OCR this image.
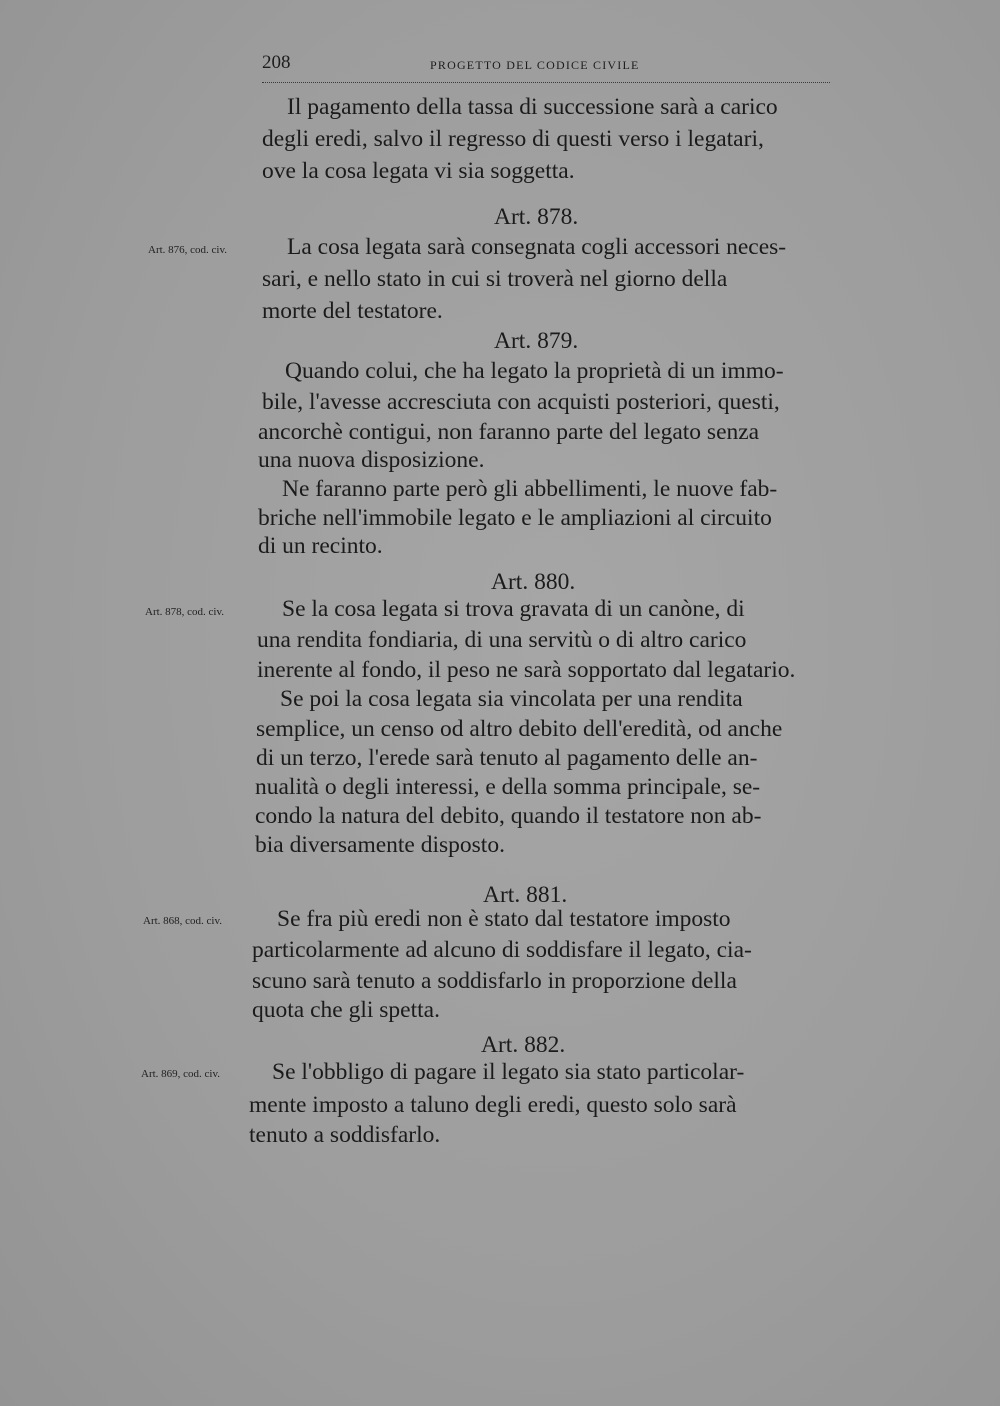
208	PROGETTO DEL CODICE CIVILE
Il pagamento della tassa di successione sarà a carico
degli eredi, salvo il regresso di questi verso i legatari,
ove la cosa legata vi sia soggetta.
Art. 878.
Art. 876, cod. civ.	La cosa legata sarà consegnata cogli accessori neces-
sari, e nello stato in cui si troverà nel giorno della
morte del testatore.
Art. 879.
Quando colui, che ha legato la proprietà di un immo-
bile, l'avesse accresciuta con acquisti posteriori, questi,
ancorchè contigui, non faranno parte del legato senza
una nuova disposizione.
Ne faranno parte però gli abbellimenti, le nuove fab-
briche nell'immobile legato e le ampliazioni al circuito
di un recinto.
Art. 880.
Art. 878, cod. civ. Se la cosa legata si trova gravata di un canòne, di
una rendita fondiaria, di una servitù o di altro carico
inerente al fondo, il peso ne sarà sopportato dal legatario.
Se poi la cosa legata sia vincolata per una rendita
semplice, un censo od altro debito dell'eredità, od anche
di un terzo, l'erede sarà tenuto al pagamento delle an-
nualità o degli interessi, e della somma principale, se-
condo la natura del debito, quando il testatore non ab-
bia diversamente disposto.
Art. 881.
Art. 868, cod. civ. Se fra più eredi non è stato dal testatore imposto
particolarmente ad alcuno di soddisfare il legato, cia-
scuno sarà tenuto a soddisfarlo in proporzione della
quota che gli spetta.
Art. 882.
Art. 869, cod. civ. Se l'obbligo di pagare il legato sia stato particolar-
mente imposto a taluno degli eredi, questo solo sarà
tenuto a soddisfarlo.
